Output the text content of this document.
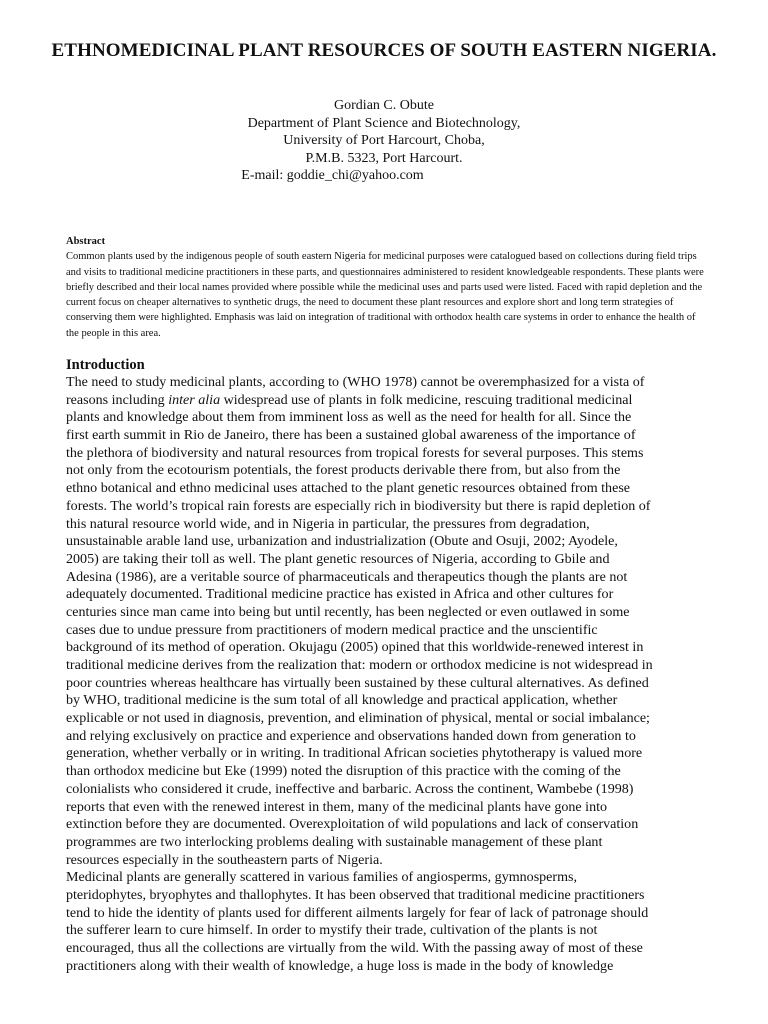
ETHNOMEDICINAL PLANT RESOURCES OF SOUTH EASTERN NIGERIA.
Gordian C. Obute
Department of Plant Science and Biotechnology,
University of Port Harcourt, Choba,
P.M.B. 5323, Port Harcourt.
E-mail: goddie_chi@yahoo.com
Abstract
Common plants used by the indigenous people of south eastern Nigeria for medicinal purposes were catalogued based on collections during field trips and visits to traditional medicine practitioners in these parts, and questionnaires administered to resident knowledgeable respondents. These plants were briefly described and their local names provided where possible while the medicinal uses and parts used were listed. Faced with rapid depletion and the current focus on cheaper alternatives to synthetic drugs, the need to document these plant resources and explore short and long term strategies of conserving them were highlighted. Emphasis was laid on integration of traditional with orthodox health care systems in order to enhance the health of the people in this area.
Introduction
The need to study medicinal plants, according to (WHO 1978) cannot be overemphasized for a vista of
reasons including inter alia widespread use of plants in folk medicine, rescuing traditional medicinal
plants and knowledge about them from imminent loss as well as the need for health for all. Since the
first earth summit in Rio de Janeiro, there has been a sustained global awareness of the importance of
the plethora of biodiversity and natural resources from tropical forests for several purposes. This stems
not only from the ecotourism potentials, the forest products derivable there from, but also from the
ethno botanical and ethno medicinal uses attached to the plant genetic resources obtained from these
forests. The world’s tropical rain forests are especially rich in biodiversity but there is rapid depletion of
this natural resource world wide, and in Nigeria in particular, the pressures from degradation,
unsustainable arable land use, urbanization and industrialization (Obute and Osuji, 2002; Ayodele,
2005) are taking their toll as well. The plant genetic resources of Nigeria, according to Gbile and
Adesina (1986), are a veritable source of pharmaceuticals and therapeutics though the plants are not
adequately documented. Traditional medicine practice has existed in Africa and other cultures for
centuries since man came into being but until recently, has been neglected or even outlawed in some
cases due to undue pressure from practitioners of modern medical practice and the unscientific
background of its method of operation. Okujagu (2005) opined that this worldwide-renewed interest in
traditional medicine derives from the realization that: modern or orthodox medicine is not widespread in
poor countries whereas healthcare has virtually been sustained by these cultural alternatives. As defined
by WHO, traditional medicine is the sum total of all knowledge and practical application, whether
explicable or not used in diagnosis, prevention, and elimination of physical, mental or social imbalance;
and relying exclusively on practice and experience and observations handed down from generation to
generation, whether verbally or in writing. In traditional African societies phytotherapy is valued more
than orthodox medicine but Eke (1999) noted the disruption of this practice with the coming of the
colonialists who considered it crude, ineffective and barbaric. Across the continent, Wambebe (1998)
reports that even with the renewed interest in them, many of the medicinal plants have gone into
extinction before they are documented. Overexploitation of wild populations and lack of conservation
programmes are two interlocking problems dealing with sustainable management of these plant
resources especially in the southeastern parts of Nigeria.
Medicinal plants are generally scattered in various families of angiosperms, gymnosperms,
pteridophytes, bryophytes and thallophytes. It has been observed that traditional medicine practitioners
tend to hide the identity of plants used for different ailments largely for fear of lack of patronage should
the sufferer learn to cure himself. In order to mystify their trade, cultivation of the plants is not
encouraged, thus all the collections are virtually from the wild. With the passing away of most of these
practitioners along with their wealth of knowledge, a huge loss is made in the body of knowledge
